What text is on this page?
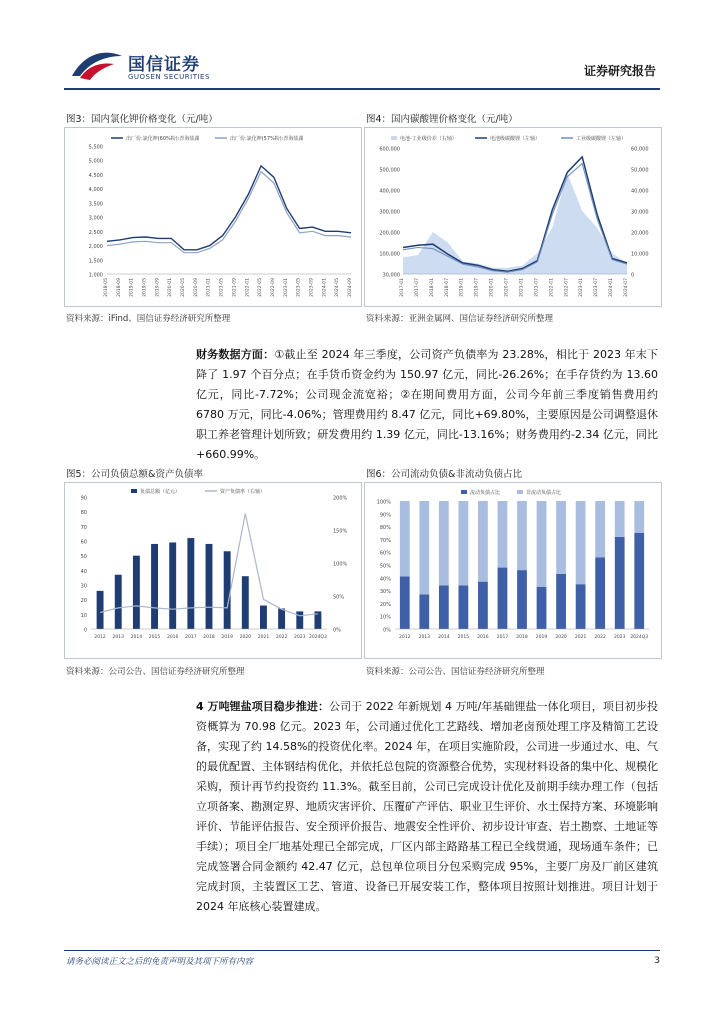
国信证券
GUOSEN SECURITIES	证券研究报告
图3：国内氯化钾价格变化（元/吨）
5,500
5,000
4,500
4,000
3,500
3,000
2,500
2,000
1,500
1,000
2018-05 2018-09 2019-01 2019-05 2019-09 2020-01 2020-05 2020-09 2021-01 2021-05 2021-09 2022-01 2022-05 2022-09 2023-01 2023-05 2023-09 2024-01 2024-05 2024-09
出厂价:氯化钾(60%粉):青海盐湖	出厂价:氯化钾(57%粉):青海盐湖
资料来源：iFind、国信证券经济研究所整理
图4：国内碳酸锂价格变化（元/吨）
600,000
500,000
400,000
300,000
200,000
100,000
30,000
60,000
50,000
40,000
30,000
20,000
10,000
0
2017-01 2017-07 2018-01 2018-07 2019-01 2019-07 2020-01 2020-07 2021-01 2021-07 2022-01 2022-07 2023-01 2023-07 2024-01 2024-07
电池-工业级价差（右轴）	电池级碳酸锂（左轴）	工业级碳酸锂（左轴）
资料来源：亚洲金属网、国信证券经济研究所整理
财务数据方面：①截止至 2024 年三季度，公司资产负债率为 23.28%，相比于 2023 年末下降了 1.97 个百分点；在手货币资金约为 150.97 亿元，同比-26.26%；在手存货约为 13.60 亿元，同比-7.72%；公司现金流宽裕；②在期间费用方面，公司今年前三季度销售费用约 6780 万元，同比-4.06%；管理费用约 8.47 亿元，同比+69.80%，主要原因是公司调整退休职工养老管理计划所致；研发费用约 1.39 亿元，同比-13.16%；财务费用约-2.34 亿元，同比+660.99%。
图5：公司负债总额&资产负债率
90
80
70
60
50
40
30
20
10
0
200%
150%
100%
50%
0%
2012 2013 2014 2015 2016 2017 2018 2019 2020 2021 2022 2023 2024Q3
负债总额（亿元）	资产负债率（右轴）
资料来源：公司公告、国信证券经济研究所整理
图6：公司流动负债&非流动负债占比
100%
90%
80%
70%
60%
50%
40%
30%
20%
10%
0%
2012 2013 2014 2015 2016 2017 2018 2019 2020 2021 2022 2023 2024Q3
流动负债占比	非流动负债占比
资料来源：公司公告、国信证券经济研究所整理
4 万吨锂盐项目稳步推进：公司于 2022 年新规划 4 万吨/年基础锂盐一体化项目，项目初步投资概算为 70.98 亿元。2023 年，公司通过优化工艺路线、增加老卤预处理工序及精简工艺设备，实现了约 14.58%的投资优化率。2024 年，在项目实施阶段，公司进一步通过水、电、气的最优配置、主体钢结构优化，并依托总包院的资源整合优势，实现材料设备的集中化、规模化采购，预计再节约投资约 11.3%。截至目前，公司已完成设计优化及前期手续办理工作（包括立项备案、勘测定界、地质灾害评价、压覆矿产评估、职业卫生评价、水土保持方案、环境影响评价、节能评估报告、安全预评价报告、地震安全性评价、初步设计审查、岩土勘察、土地证等手续）；项目全厂地基处理已全部完成，厂区内部主路路基工程已全线贯通，现场通车条件；已完成签署合同金额约 42.47 亿元，总包单位项目分包采购完成 95%，主要厂房及厂前区建筑完成封顶，主装置区工艺、管道、设备已开展安装工作，整体项目按照计划推进。项目计划于 2024 年底核心装置建成。
请务必阅读正文之后的免责声明及其项下所有内容	3
